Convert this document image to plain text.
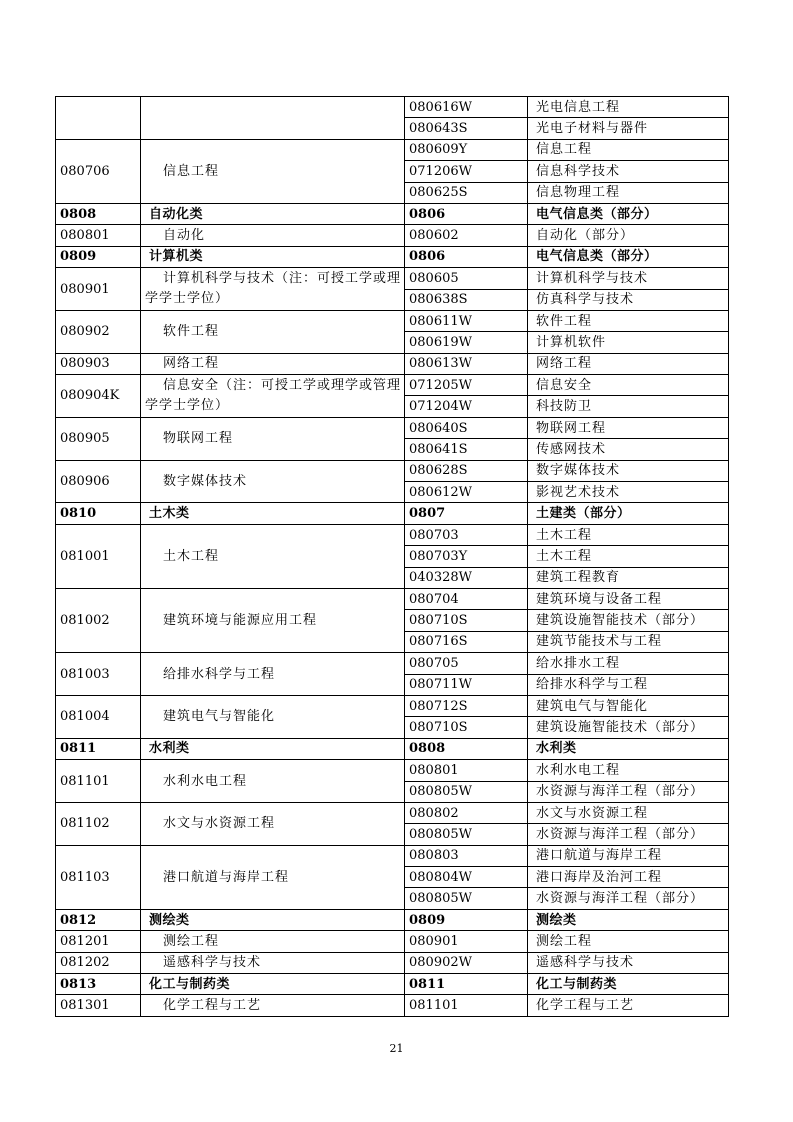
		080616W	光电信息工程
		080643S	光电子材料与器件
080706	信息工程	080609Y	信息工程
		071206W	信息科学技术
		080625S	信息物理工程
0808	自动化类	0806	电气信息类（部分）
080801	自动化	080602	自动化（部分）
0809	计算机类	0806	电气信息类（部分）
080901	计算机科学与技术（注：可授工学或理学学士学位）	080605	计算机科学与技术
		080638S	仿真科学与技术
080902	软件工程	080611W	软件工程
		080619W	计算机软件
080903	网络工程	080613W	网络工程
080904K	信息安全（注：可授工学或理学或管理学学士学位）	071205W	信息安全
		071204W	科技防卫
080905	物联网工程	080640S	物联网工程
		080641S	传感网技术
080906	数字媒体技术	080628S	数字媒体技术
		080612W	影视艺术技术
0810	土木类	0807	土建类（部分）
081001	土木工程	080703	土木工程
		080703Y	土木工程
		040328W	建筑工程教育
081002	建筑环境与能源应用工程	080704	建筑环境与设备工程
		080710S	建筑设施智能技术（部分）
		080716S	建筑节能技术与工程
081003	给排水科学与工程	080705	给水排水工程
		080711W	给排水科学与工程
081004	建筑电气与智能化	080712S	建筑电气与智能化
		080710S	建筑设施智能技术（部分）
0811	水利类	0808	水利类
081101	水利水电工程	080801	水利水电工程
		080805W	水资源与海洋工程（部分）
081102	水文与水资源工程	080802	水文与水资源工程
		080805W	水资源与海洋工程（部分）
081103	港口航道与海岸工程	080803	港口航道与海岸工程
		080804W	港口海岸及治河工程
		080805W	水资源与海洋工程（部分）
0812	测绘类	0809	测绘类
081201	测绘工程	080901	测绘工程
081202	遥感科学与技术	080902W	遥感科学与技术
0813	化工与制药类	0811	化工与制药类
081301	化学工程与工艺	081101	化学工程与工艺
21
